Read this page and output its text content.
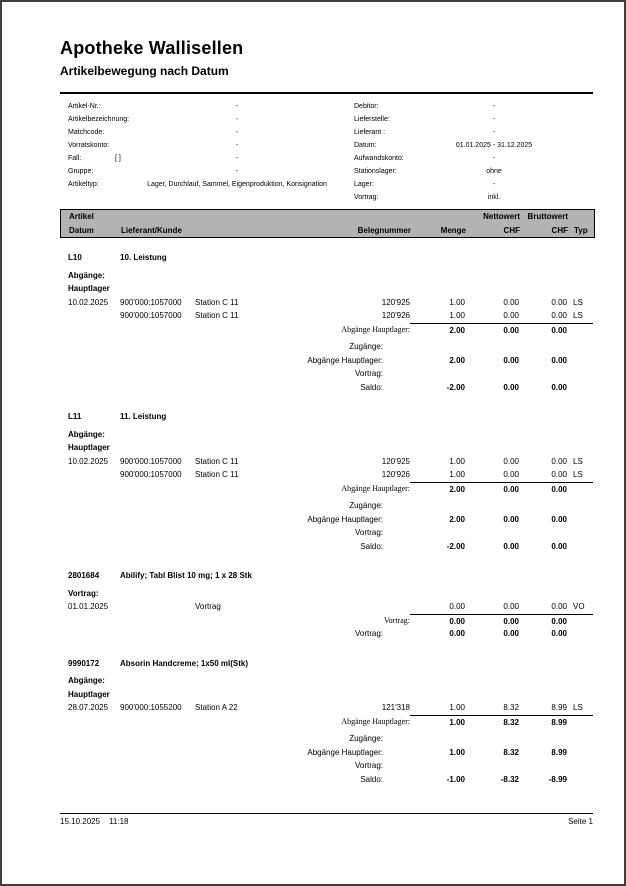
Apotheke Wallisellen
Artikelbewegung nach Datum
Artikel-Nr.:	-
Artikelbezeichnung:	-
Matchcode:	-
Vorratskonto:	-
Fall:	[ ]	-
Gruppe:	-
Artikeltyp:	Lager, Durchlauf, Sammel, Eigenproduktion, Konsignation
Debitor:	-
Lieferstelle:	-
Lieferant :	-
Datum:	01.01.2025 - 31.12.2025
Aufwandskonto:	-
Stationslager:	ohne
Lager:	-
Vortrag:	inkl.
Artikel	Nettowert Bruttowert
Datum	Lieferant/Kunde	Belegnummer	Menge	CHF	CHF Typ
L10	10. Leistung
Abgänge:
Hauptlager
10.02.2025	900'000:1057000	Station C 11	120'925	1.00	0.00	0.00 LS
900'000:1057000	Station C 11	120'926	1.00	0.00	0.00 LS
Abgänge Hauptlager:	2.00	0.00	0.00
Zugänge:
Abgänge Hauptlager:	2.00	0.00	0.00
Vortrag:
Saldo:	-2.00	0.00	0.00
L11	11. Leistung
Abgänge:
Hauptlager
10.02.2025	900'000:1057000	Station C 11	120'925	1.00	0.00	0.00 LS
900'000:1057000	Station C 11	120'926	1.00	0.00	0.00 LS
Abgänge Hauptlager:	2.00	0.00	0.00
Zugänge:
Abgänge Hauptlager:	2.00	0.00	0.00
Vortrag:
Saldo:	-2.00	0.00	0.00
2801684	Abilify; Tabl Blist 10 mg; 1 x 28 Stk
Vortrag:
01.01.2025	Vortrag	0.00	0.00	0.00 VO
Vortrag:	0.00	0.00	0.00
Vortrag:	0.00	0.00	0.00
9990172	Absorin Handcreme; 1x50 ml(Stk)
Abgänge:
Hauptlager
28.07.2025	900'000:1055200	Station A 22	121'318	1.00	8.32	8.99 LS
Abgänge Hauptlager:	1.00	8.32	8.99
Zugänge:
Abgänge Hauptlager:	1.00	8.32	8.99
Vortrag:
Saldo:	-1.00	-8.32	-8.99
15.10.2025 11:18	Seite 1
